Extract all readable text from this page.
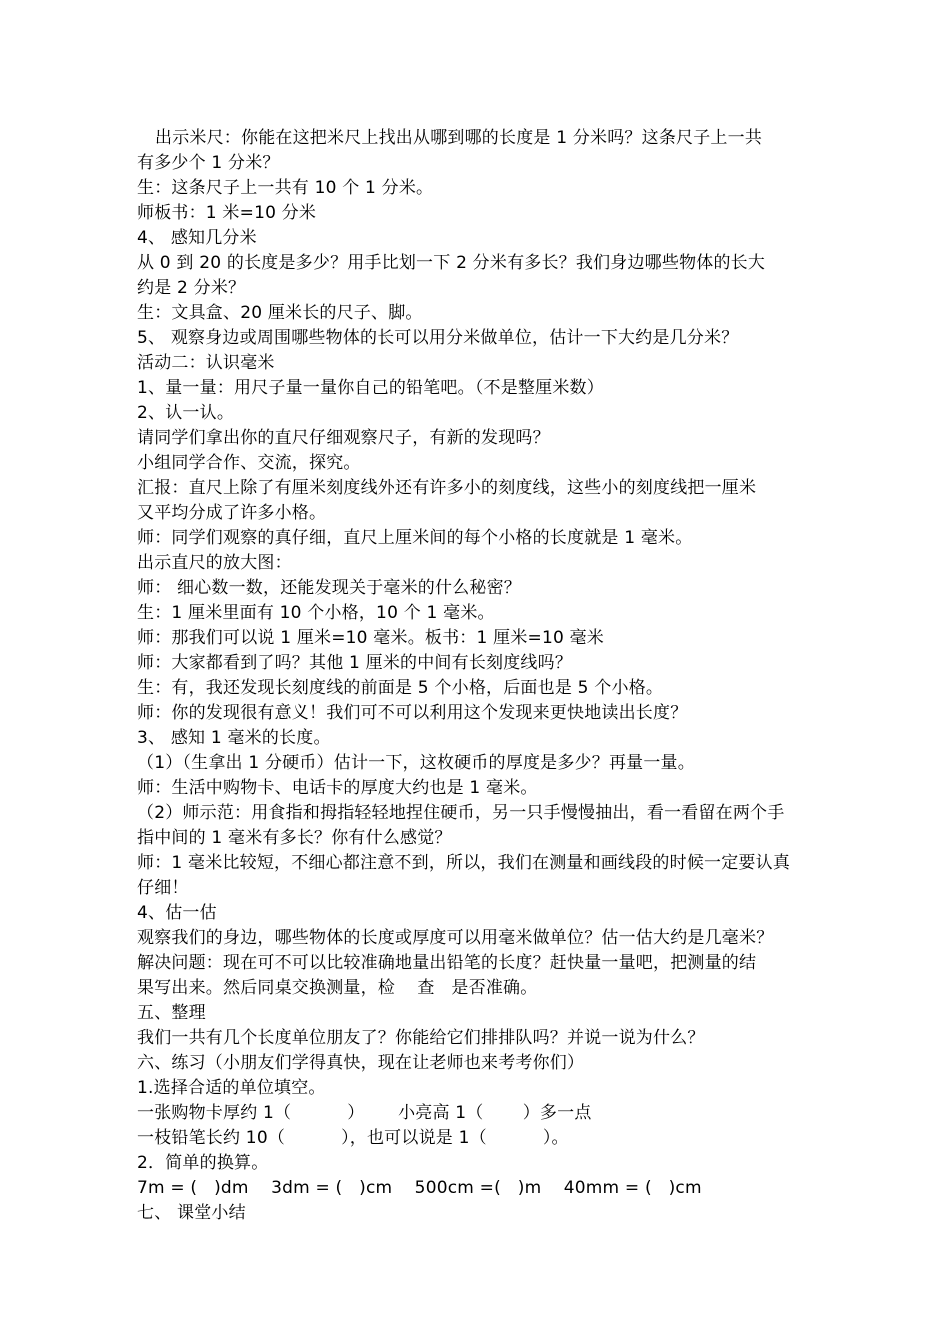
出示米尺：你能在这把米尺上找出从哪到哪的长度是 1 分米吗？这条尺子上一共
有多少个 1 分米？
生：这条尺子上一共有 10 个 1 分米。
师板书：1 米=10 分米
4、 感知几分米
从 0 到 20 的长度是多少？用手比划一下 2 分米有多长？我们身边哪些物体的长大
约是 2 分米？
生：文具盒、20 厘米长的尺子、脚。
5、 观察身边或周围哪些物体的长可以用分米做单位，估计一下大约是几分米？
活动二：认识毫米
1、量一量：用尺子量一量你自己的铅笔吧。（不是整厘米数）
2、认一认。
请同学们拿出你的直尺仔细观察尺子，有新的发现吗？
小组同学合作、交流，探究。
汇报：直尺上除了有厘米刻度线外还有许多小的刻度线，这些小的刻度线把一厘米
又平均分成了许多小格。
师：同学们观察的真仔细，直尺上厘米间的每个小格的长度就是 1 毫米。
出示直尺的放大图：
师： 细心数一数，还能发现关于毫米的什么秘密？
生：1 厘米里面有 10 个小格，10 个 1 毫米。
师：那我们可以说 1 厘米=10 毫米。板书：1 厘米=10 毫米
师：大家都看到了吗？其他 1 厘米的中间有长刻度线吗？
生：有，我还发现长刻度线的前面是 5 个小格，后面也是 5 个小格。
师：你的发现很有意义！我们可不可以利用这个发现来更快地读出长度？
3、 感知 1 毫米的长度。
（1）（生拿出 1 分硬币）估计一下，这枚硬币的厚度是多少？再量一量。
师：生活中购物卡、电话卡的厚度大约也是 1 毫米。
（2）师示范：用食指和拇指轻轻地捏住硬币，另一只手慢慢抽出，看一看留在两个手
指中间的 1 毫米有多长？你有什么感觉？
师：1 毫米比较短，不细心都注意不到，所以，我们在测量和画线段的时候一定要认真
仔细！
4、估一估
观察我们的身边，哪些物体的长度或厚度可以用毫米做单位？估一估大约是几毫米？
解决问题：现在可不可以比较准确地量出铅笔的长度？赶快量一量吧，把测量的结
果写出来。然后同桌交换测量，检    查   是否准确。
五、整理
我们一共有几个长度单位朋友了？你能给它们排排队吗？并说一说为什么？
六、练习（小朋友们学得真快，现在让老师也来考考你们）
1.选择合适的单位填空。
一张购物卡厚约 1（          ）      小亮高 1（       ）多一点
一枝铅笔长约 10（          ），也可以说是 1（          ）。
2．简单的换算。
7m = (   )dm    3dm = (   )cm    500cm =(   )m    40mm = (   )cm
七、 课堂小结
